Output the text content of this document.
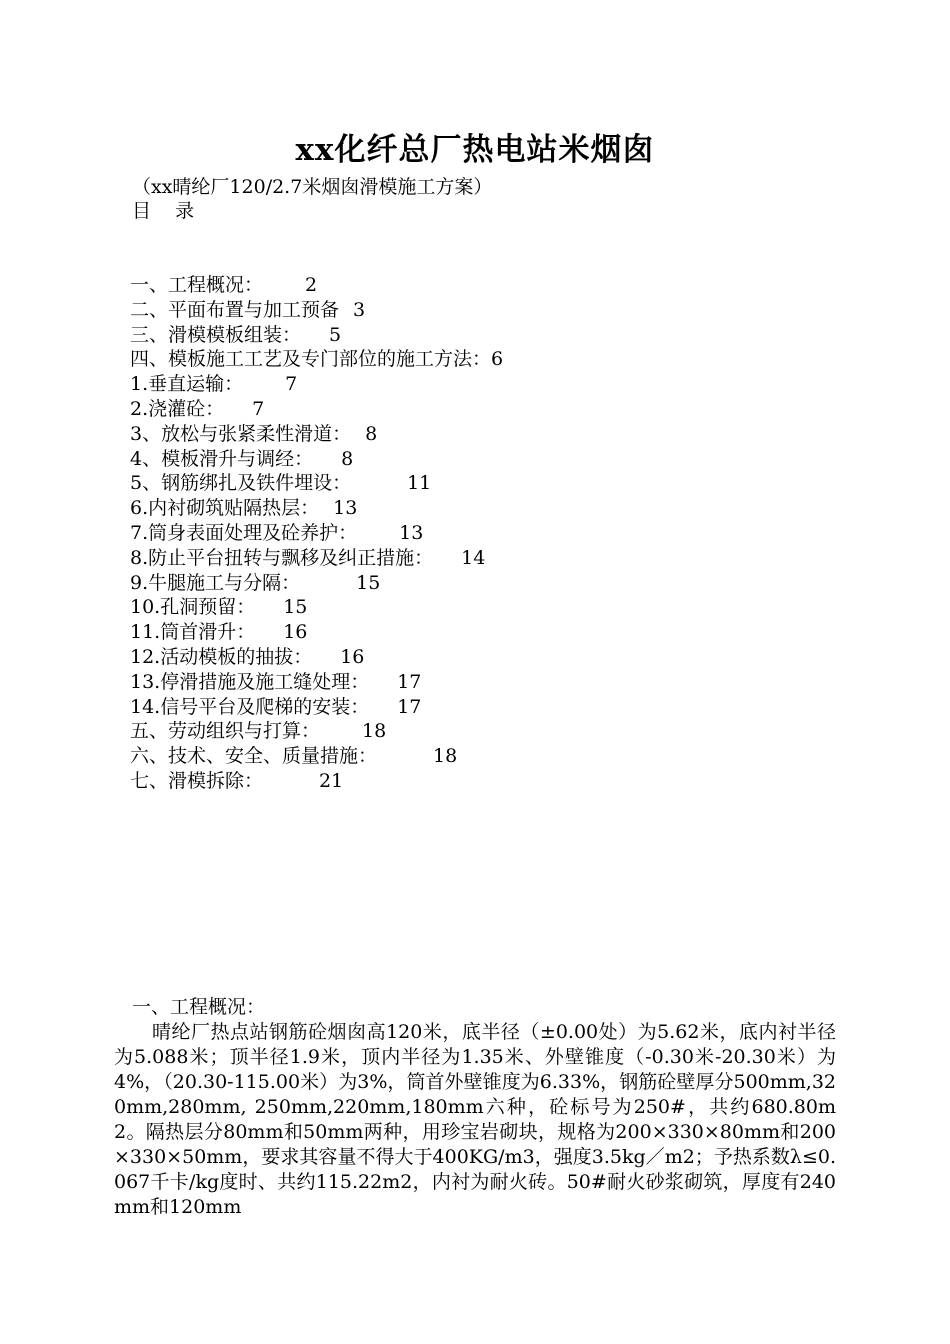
xx化纤总厂热电站米烟囱

（xx晴纶厂120/2.7米烟囱滑模施工方案）

目    录

一、工程概况： 2
二、平面布置与加工预备 3
三、滑模模板组装： 5
四、模板施工工艺及专门部位的施工方法：6
1.垂直运输： 7
2.浇灌砼： 7
3、放松与张紧柔性滑道： 8
4、模板滑升与调经： 8
5、钢筋绑扎及铁件埋设：	11
6.内衬砌筑贴隔热层： 13
7.筒身表面处理及砼养护： 13
8.防止平台扭转与飘移及纠正措施： 14
9.牛腿施工与分隔：	15
10.孔洞预留： 15
11.筒首滑升： 16
12.活动模板的抽拔： 16
13.停滑措施及施工缝处理： 17
14.信号平台及爬梯的安装： 17
五、劳动组织与打算： 18
六、技术、安全、质量措施：	18
七、滑模拆除：	21

一、工程概况：

晴纶厂热点站钢筋砼烟囱高120米，底半径（±0.00处）为5.62米，底内衬半径为5.088米；顶半径1.9米，顶内半径为1.35米、外壁锥度（-0.30米-20.30米）为4%，（20.30-115.00米）为3%，筒首外壁锥度为6.33%，钢筋砼壁厚分500mm,320mm,280mm, 250mm,220mm,180mm六种，砼标号为250#，共约680.80m2。隔热层分80mm和50mm两种，用珍宝岩砌块，规格为200×330×80mm和200×330×50mm，要求其容量不得大于400KG/m3，强度3.5kg／m2；予热系数λ≤0.067千卡/kg度时、共约115.22m2，内衬为耐火砖。50#耐火砂浆砌筑，厚度有240mm和120mm
